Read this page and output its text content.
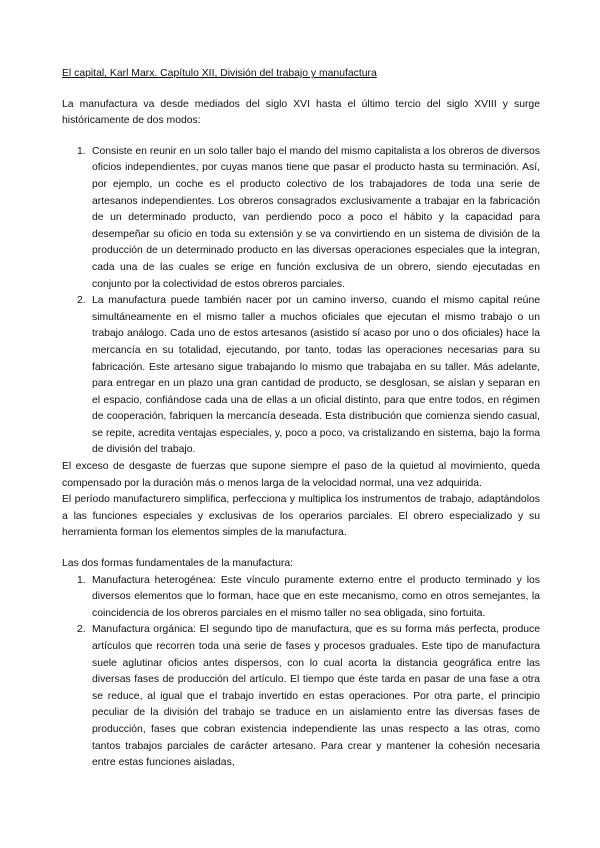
El capital, Karl Marx. Capítulo XII, División del trabajo y manufactura

La manufactura va desde mediados del siglo XVI hasta el último tercio del siglo XVIII y surge históricamente de dos modos:

1. Consiste en reunir en un solo taller bajo el mando del mismo capitalista a los obreros de diversos oficios independientes, por cuyas manos tiene que pasar el producto hasta su terminación. Así, por ejemplo, un coche es el producto colectivo de los trabajadores de toda una serie de artesanos independientes. Los obreros consagrados exclusivamente a trabajar en la fabricación de un determinado producto, van perdiendo poco a poco el hábito y la capacidad para desempeñar su oficio en toda su extensión y se va convirtiendo en un sistema de división de la producción de un determinado producto en las diversas operaciones especiales que la integran, cada una de las cuales se erige en función exclusiva de un obrero, siendo ejecutadas en conjunto por la colectividad de estos obreros parciales.
2. La manufactura puede también nacer por un camino inverso, cuando el mismo capital reúne simultáneamente en el mismo taller a muchos oficiales que ejecutan el mismo trabajo o un trabajo análogo. Cada uno de estos artesanos (asistido sí acaso por uno o dos oficiales) hace la mercancía en su totalidad, ejecutando, por tanto, todas las operaciones necesarias para su fabricación. Este artesano sigue trabajando lo mismo que trabajaba en su taller. Más adelante, para entregar en un plazo una gran cantidad de producto, se desglosan, se aíslan y separan en el espacio, confiándose cada una de ellas a un oficial distinto, para que entre todos, en régimen de cooperación, fabriquen la mercancía deseada. Esta distribución que comienza siendo casual, se repite, acredita ventajas especiales, y, poco a poco, va cristalizando en sistema, bajo la forma de división del trabajo.

El exceso de desgaste de fuerzas que supone siempre el paso de la quietud al movimiento, queda compensado por la duración más o menos larga de la velocidad normal, una vez adquirida.

El período manufacturero simplifica, perfecciona y multiplica los instrumentos de trabajo, adaptándolos a las funciones especiales y exclusivas de los operarios parciales. El obrero especializado y su herramienta forman los elementos simples de la manufactura.

Las dos formas fundamentales de la manufactura:

1. Manufactura heterogénea: Este vínculo puramente externo entre el producto terminado y los diversos elementos que lo forman, hace que en este mecanismo, como en otros semejantes, la coincidencia de los obreros parciales en el mismo taller no sea obligada, sino fortuita.
2. Manufactura orgánica: El segundo tipo de manufactura, que es su forma más perfecta, produce artículos que recorren toda una serie de fases y procesos graduales. Este tipo de manufactura suele aglutinar oficios antes dispersos, con lo cual acorta la distancia geográfica entre las diversas fases de producción del artículo. El tiempo que éste tarda en pasar de una fase a otra se reduce, al igual que el trabajo invertido en estas operaciones. Por otra parte, el principio peculiar de la división del trabajo se traduce en un aislamiento entre las diversas fases de producción, fases que cobran existencia independiente las unas respecto a las otras, como tantos trabajos parciales de carácter artesano. Para crear y mantener la cohesión necesaria entre estas funciones aisladas,
